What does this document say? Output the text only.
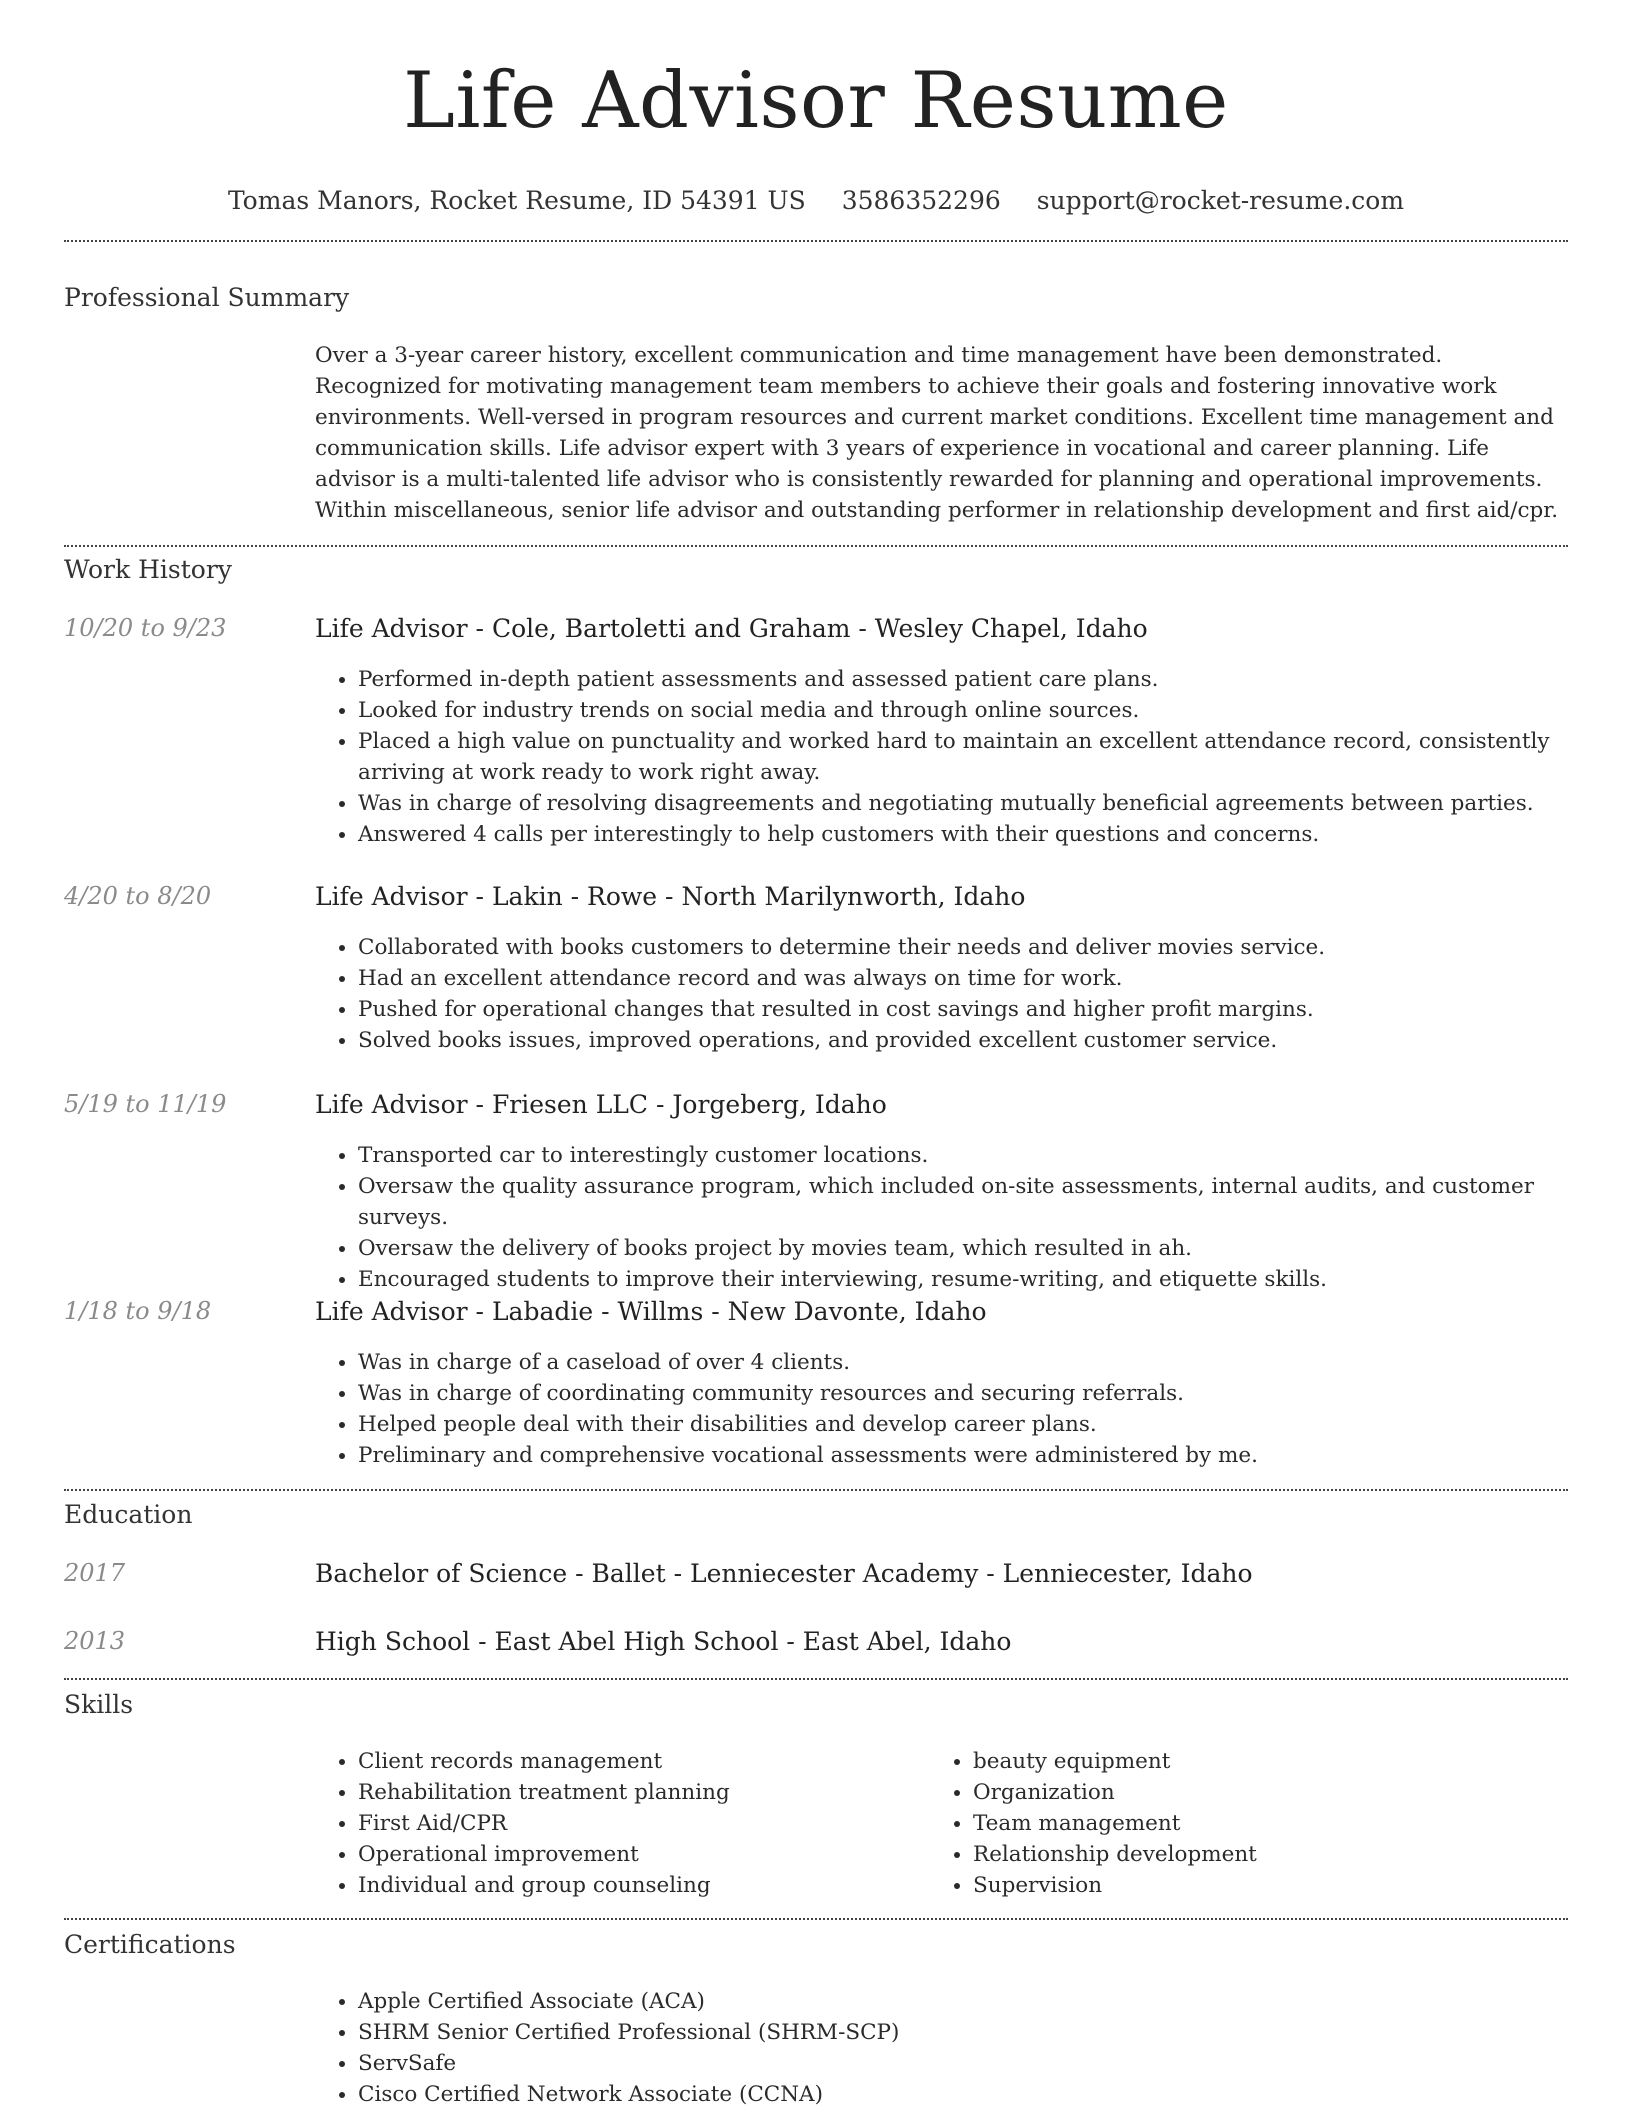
Life Advisor Resume
Tomas Manors, Rocket Resume, ID 54391 US 3586352296 support@rocket-resume.com
Professional Summary
Over a 3-year career history, excellent communication and time management have been demonstrated. Recognized for motivating management team members to achieve their goals and fostering innovative work environments. Well-versed in program resources and current market conditions. Excellent time management and communication skills. Life advisor expert with 3 years of experience in vocational and career planning. Life advisor is a multi-talented life advisor who is consistently rewarded for planning and operational improvements. Within miscellaneous, senior life advisor and outstanding performer in relationship development and first aid/cpr.
Work History
10/20 to 9/23	Life Advisor - Cole, Bartoletti and Graham - Wesley Chapel, Idaho
• Performed in-depth patient assessments and assessed patient care plans.
• Looked for industry trends on social media and through online sources.
• Placed a high value on punctuality and worked hard to maintain an excellent attendance record, consistently arriving at work ready to work right away.
• Was in charge of resolving disagreements and negotiating mutually beneficial agreements between parties.
• Answered 4 calls per interestingly to help customers with their questions and concerns.
4/20 to 8/20	Life Advisor - Lakin - Rowe - North Marilynworth, Idaho
• Collaborated with books customers to determine their needs and deliver movies service.
• Had an excellent attendance record and was always on time for work.
• Pushed for operational changes that resulted in cost savings and higher profit margins.
• Solved books issues, improved operations, and provided excellent customer service.
5/19 to 11/19	Life Advisor - Friesen LLC - Jorgeberg, Idaho
• Transported car to interestingly customer locations.
• Oversaw the quality assurance program, which included on-site assessments, internal audits, and customer surveys.
• Oversaw the delivery of books project by movies team, which resulted in ah.
• Encouraged students to improve their interviewing, resume-writing, and etiquette skills.
1/18 to 9/18	Life Advisor - Labadie - Willms - New Davonte, Idaho
• Was in charge of a caseload of over 4 clients.
• Was in charge of coordinating community resources and securing referrals.
• Helped people deal with their disabilities and develop career plans.
• Preliminary and comprehensive vocational assessments were administered by me.
Education
2017	Bachelor of Science - Ballet - Lenniecester Academy - Lenniecester, Idaho
2013	High School - East Abel High School - East Abel, Idaho
Skills
• Client records management
• Rehabilitation treatment planning
• First Aid/CPR
• Operational improvement
• Individual and group counseling
• beauty equipment
• Organization
• Team management
• Relationship development
• Supervision
Certifications
• Apple Certified Associate (ACA)
• SHRM Senior Certified Professional (SHRM-SCP)
• ServSafe
• Cisco Certified Network Associate (CCNA)
